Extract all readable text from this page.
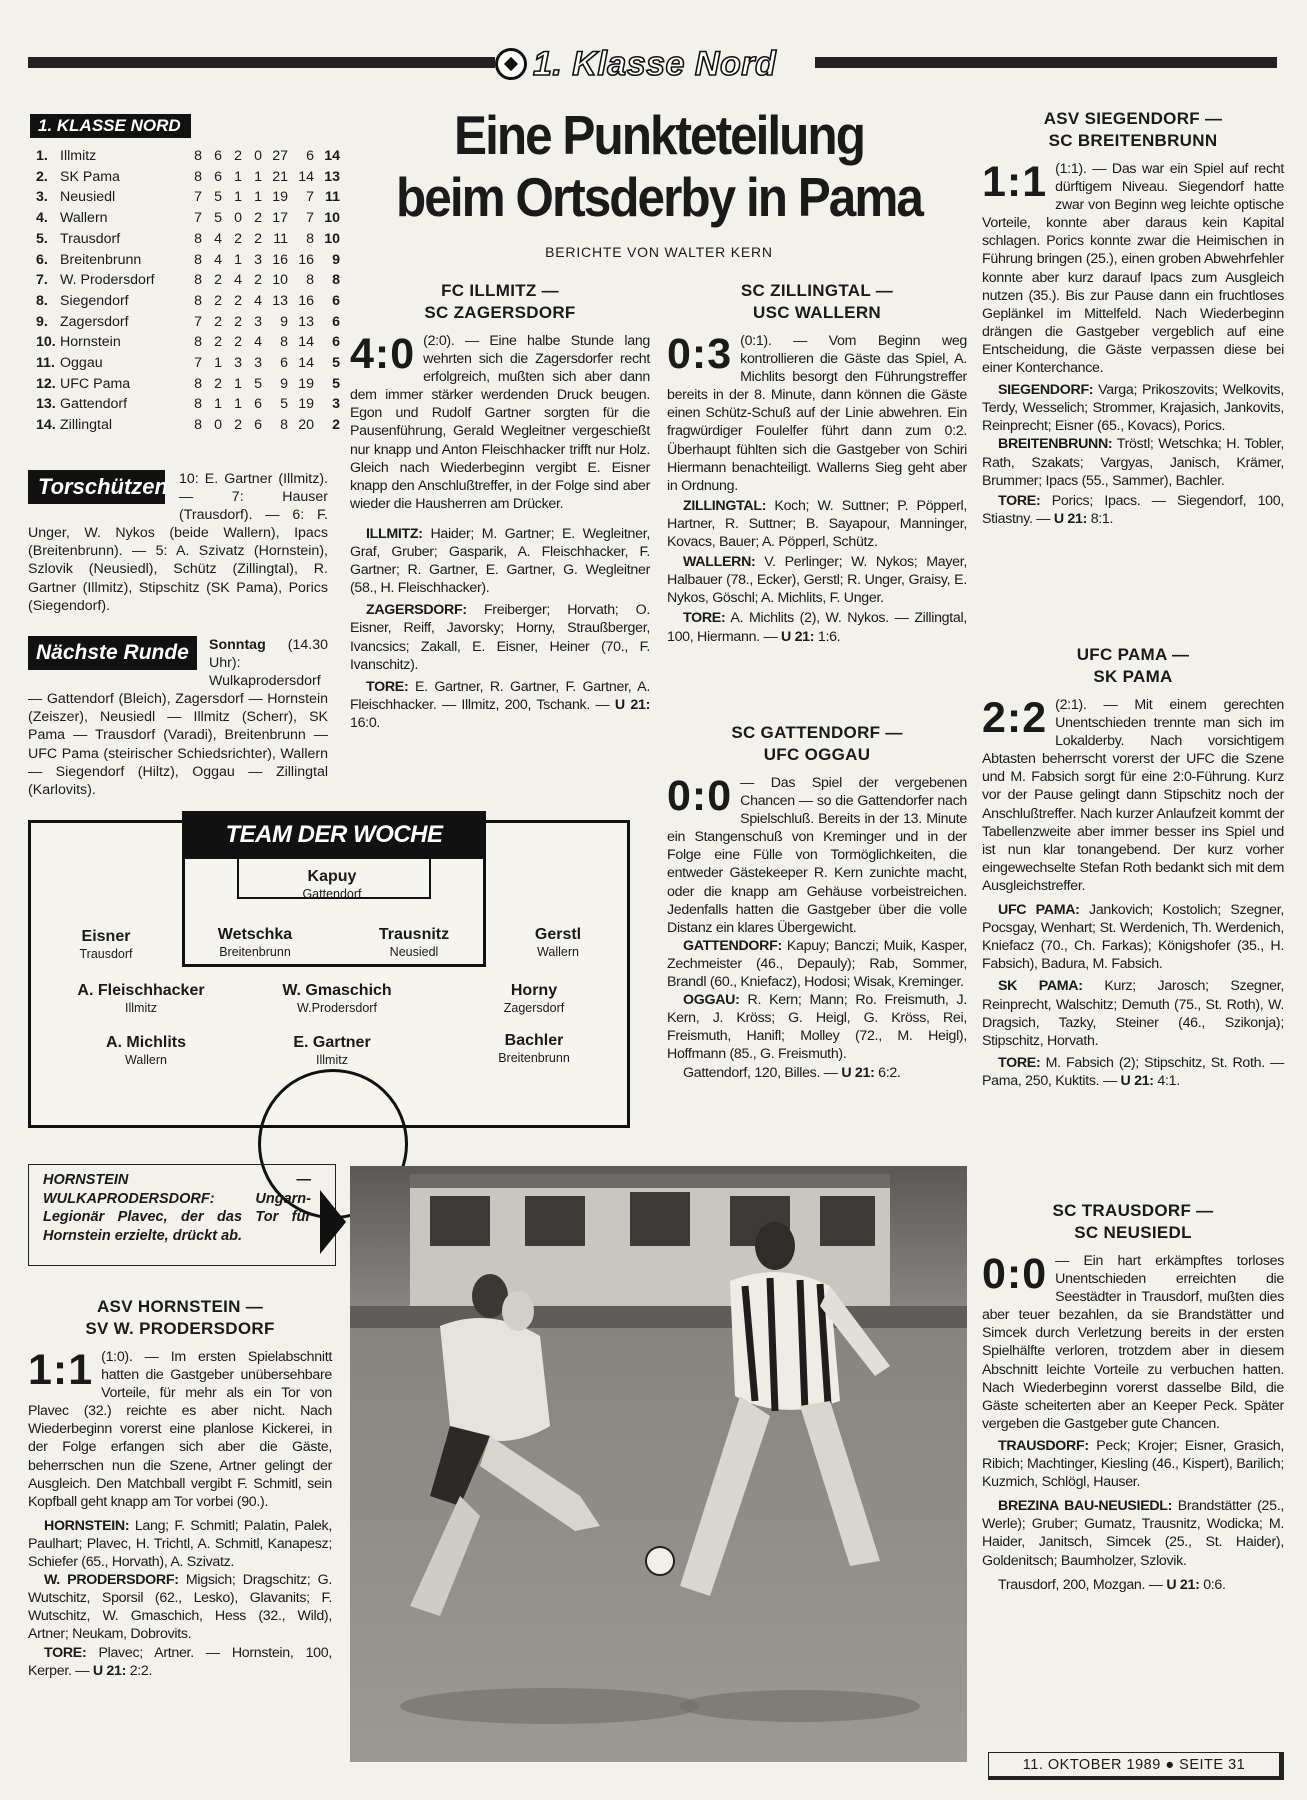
1. Klasse Nord
1. KLASSE NORD
1.	Illmitz	8	6	2	0	27	6	14
2.	SK Pama	8	6	1	1	21	14	13
3.	Neusiedl	7	5	1	1	19	7	11
4.	Wallern	7	5	0	2	17	7	10
5.	Trausdorf	8	4	2	2	11	8	10
6.	Breitenbrunn	8	4	1	3	16	16	9
7.	W. Prodersdorf	8	2	4	2	10	8	8
8.	Siegendorf	8	2	2	4	13	16	6
9.	Zagersdorf	7	2	2	3	9	13	6
10.	Hornstein	8	2	2	4	8	14	6
11.	Oggau	7	1	3	3	6	14	5
12.	UFC Pama	8	2	1	5	9	19	5
13.	Gattendorf	8	1	1	6	5	19	3
14.	Zillingtal	8	0	2	6	8	20	2
Torschützen 10: E. Gartner (Illmitz). — 7: Hauser (Trausdorf). — 6: F. Unger, W. Nykos (beide Wallern), Ipacs (Breitenbrunn). — 5: A. Szivatz (Hornstein), Szlovik (Neusiedl), Schütz (Zillingtal), R. Gartner (Illmitz), Stipschitz (SK Pama), Porics (Siegendorf).
Nächste Runde	Sonntag (14.30 Uhr): Wulkaprodersdorf — Gattendorf (Bleich), Zagersdorf — Hornstein (Zeiszer), Neusiedl — Illmitz (Scherr), SK Pama — Trausdorf (Varadi), Breitenbrunn — UFC Pama (steirischer Schiedsrichter), Wallern — Siegendorf (Hiltz), Oggau — Zillingtal (Karlovits).
TEAM DER WOCHE
Kapuy
Gattendorf
Eisner
Trausdorf
Wetschka
Breitenbrunn
Trausnitz
Neusiedl
Gerstl
Wallern
A. Fleischhacker
Illmitz
W. Gmaschich
W.Prodersdorf
Horny
Zagersdorf
A. Michlits
Wallern
E. Gartner
Illmitz
Bachler
Breitenbrunn
Eine Punkteteilung
beim Ortsderby in Pama
BERICHTE VON WALTER KERN
FC ILLMITZ —
SC ZAGERSDORF
4:0 (2:0). — Eine halbe Stunde lang wehrten sich die Zagersdorfer recht erfolgreich, mußten sich aber dann dem immer stärker werdenden Druck beugen. Egon und Rudolf Gartner sorgten für die Pausenführung, Gerald Wegleitner vergeschießt nur knapp und Anton Fleischhacker trifft nur Holz. Gleich nach Wiederbeginn vergibt E. Eisner knapp den Anschlußtreffer, in der Folge sind aber wieder die Hausherren am Drücker.
ILLMITZ: Haider; M. Gartner; E. Wegleitner, Graf, Gruber; Gasparik, A. Fleischhacker, F. Gartner; R. Gartner, E. Gartner, G. Wegleitner (58., H. Fleischhacker).
ZAGERSDORF: Freiberger; Horvath; O. Eisner, Reiff, Javorsky; Horny, Straußberger, Ivancsics; Zakall, E. Eisner, Heiner (70., F. Ivanschitz).
TORE: E. Gartner, R. Gartner, F. Gartner, A. Fleischhacker. — Illmitz, 200, Tschank. — U 21: 16:0.
SC ZILLINGTAL —
USC WALLERN
0:3 (0:1). — Vom Beginn weg kontrollieren die Gäste das Spiel, A. Michlits besorgt den Führungstreffer bereits in der 8. Minute, dann können die Gäste einen Schütz-Schuß auf der Linie abwehren. Ein fragwürdiger Foulelfer führt dann zum 0:2. Überhaupt fühlten sich die Gastgeber von Schiri Hiermann benachteiligt. Wallerns Sieg geht aber in Ordnung.
ZILLINGTAL: Koch; W. Suttner; P. Pöpperl, Hartner, R. Suttner; B. Sayapour, Manninger, Kovacs, Bauer; A. Pöpperl, Schütz.
WALLERN: V. Perlinger; W. Nykos; Mayer, Halbauer (78., Ecker), Gerstl; R. Unger, Graisy, E. Nykos, Göschl; A. Michlits, F. Unger.
TORE: A. Michlits (2), W. Nykos. — Zillingtal, 100, Hiermann. — U 21: 1:6.
SC GATTENDORF —
UFC OGGAU
0:0 — Das Spiel der vergebenen Chancen — so die Gattendorfer nach Spielschluß. Bereits in der 13. Minute ein Stangenschuß von Kreminger und in der Folge eine Fülle von Tormöglichkeiten, die entweder Gästekeeper R. Kern zunichte macht, oder die knapp am Gehäuse vorbeistreichen. Jedenfalls hatten die Gastgeber über die volle Distanz ein klares Übergewicht.
GATTENDORF: Kapuy; Banczi; Muik, Kasper, Zechmeister (46., Depauly); Rab, Sommer, Brandl (60., Kniefacz), Hodosi; Wisak, Kreminger.
OGGAU: R. Kern; Mann; Ro. Freismuth, J. Kern, J. Kröss; G. Heigl, G. Kröss, Rei, Freismuth, Hanifl; Molley (72., M. Heigl), Hoffmann (85., G. Freismuth).
Gattendorf, 120, Billes. — U 21: 6:2.
ASV SIEGENDORF —
SC BREITENBRUNN
1:1 (1:1). — Das war ein Spiel auf recht dürftigem Niveau. Siegendorf hatte zwar von Beginn weg leichte optische Vorteile, konnte aber daraus kein Kapital schlagen. Porics konnte zwar die Heimischen in Führung bringen (25.), einen groben Abwehrfehler konnte aber kurz darauf Ipacs zum Ausgleich nutzen (35.). Bis zur Pause dann ein fruchtloses Geplänkel im Mittelfeld. Nach Wiederbeginn drängen die Gastgeber vergeblich auf eine Entscheidung, die Gäste verpassen diese bei einer Konterchance.
SIEGENDORF: Varga; Prikoszovits; Welkovits, Terdy, Wesselich; Strommer, Krajasich, Jankovits, Reinprecht; Eisner (65., Kovacs), Porics.
BREITENBRUNN: Tröstl; Wetschka; H. Tobler, Rath, Szakats; Vargyas, Janisch, Krämer, Brummer; Ipacs (55., Sammer), Bachler.
TORE: Porics; Ipacs. — Siegendorf, 100, Stiastny. — U 21: 8:1.
UFC PAMA —
SK PAMA
2:2 (2:1). — Mit einem gerechten Unentschieden trennte man sich im Lokalderby. Nach vorsichtigem Abtasten beherrscht vorerst der UFC die Szene und M. Fabsich sorgt für eine 2:0-Führung. Kurz vor der Pause gelingt dann Stipschitz noch der Anschlußtreffer. Nach kurzer Anlaufzeit kommt der Tabellenzweite aber immer besser ins Spiel und ist nun klar tonangebend. Der kurz vorher eingewechselte Stefan Roth bedankt sich mit dem Ausgleichstreffer.
UFC PAMA: Jankovich; Kostolich; Szegner, Pocsgay, Wenhart; St. Werdenich, Th. Werdenich, Kniefacz (70., Ch. Farkas); Königshofer (35., H. Fabsich), Badura, M. Fabsich.
SK PAMA: Kurz; Jarosch; Szegner, Reinprecht, Walschitz; Demuth (75., St. Roth), W. Dragsich, Tazky, Steiner (46., Szikonja); Stipschitz, Horvath.
TORE: M. Fabsich (2); Stipschitz, St. Roth. — Pama, 250, Kuktits. — U 21: 4:1.
SC TRAUSDORF —
SC NEUSIEDL
0:0 — Ein hart erkämpftes torloses Unentschieden erreichten die Seestädter in Trausdorf, mußten dies aber teuer bezahlen, da sie Brandstätter und Simcek durch Verletzung bereits in der ersten Spielhälfte verloren, trotzdem aber in diesem Abschnitt leichte Vorteile zu verbuchen hatten. Nach Wiederbeginn vorerst dasselbe Bild, die Gäste scheiterten aber an Keeper Peck. Später vergeben die Gastgeber gute Chancen.
TRAUSDORF: Peck; Krojer; Eisner, Grasich, Ribich; Machtinger, Kiesling (46., Kispert), Barilich; Kuzmich, Schlögl, Hauser.
BREZINA BAU-NEUSIEDL: Brandstätter (25., Werle); Gruber; Gumatz, Trausnitz, Wodicka; M. Haider, Janitsch, Simcek (25., St. Haider), Goldenitsch; Baumholzer, Szlovik.
Trausdorf, 200, Mozgan. — U 21: 0:6.
HORNSTEIN — WULKAPRODERSDORF: Ungarn-Legionär Plavec, der das Tor für Hornstein erzielte, drückt ab.
ASV HORNSTEIN —
SV W. PRODERSDORF
1:1 (1:0). — Im ersten Spielabschnitt hatten die Gastgeber unübersehbare Vorteile, für mehr als ein Tor von Plavec (32.) reichte es aber nicht. Nach Wiederbeginn vorerst eine planlose Kickerei, in der Folge erfangen sich aber die Gäste, beherrschen nun die Szene, Artner gelingt der Ausgleich. Den Matchball vergibt F. Schmitl, sein Kopfball geht knapp am Tor vorbei (90.).
HORNSTEIN: Lang; F. Schmitl; Palatin, Palek, Paulhart; Plavec, H. Trichtl, A. Schmitl, Kanapesz; Schiefer (65., Horvath), A. Szivatz.
W. PRODERSDORF: Migsich; Dragschitz; G. Wutschitz, Sporsil (62., Lesko), Glavanits; F. Wutschitz, W. Gmaschich, Hess (32., Wild), Artner; Neukam, Dobrovits.
TORE: Plavec; Artner. — Hornstein, 100, Kerper. — U 21: 2:2.
11. OKTOBER 1989 ● SEITE 31
